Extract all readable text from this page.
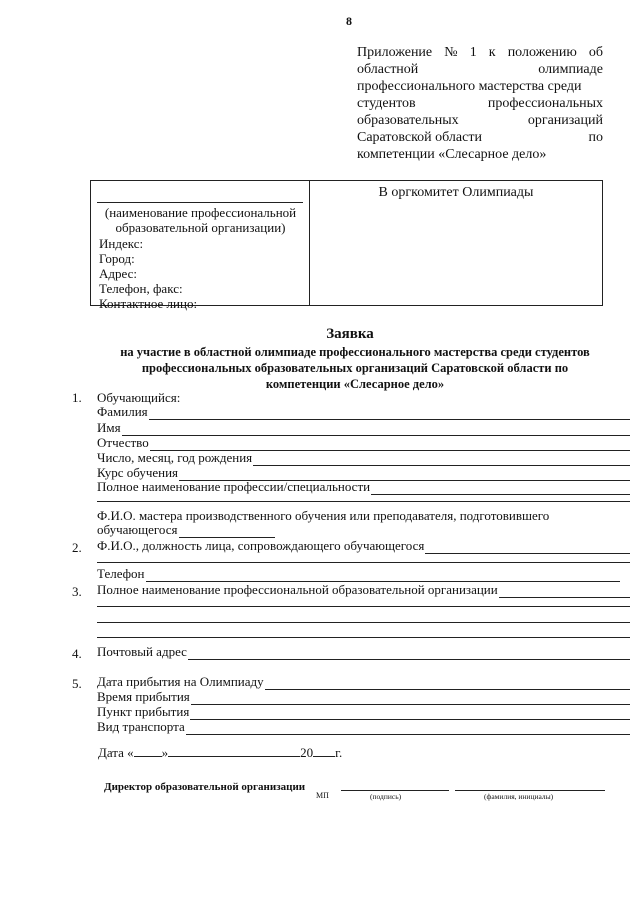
8
Приложение № 1 к положению об
областной	олимпиаде
профессионального мастерства среди
студентов	профессиональных
образовательных	организаций
Саратовской области	по
компетенции «Слесарное дело»
(наименование профессиональной
образовательной организации)
Индекс:
Город:
Адрес:
Телефон, факс:
Контактное лицо:
В оргкомитет Олимпиады
Заявка
на участие в областной олимпиаде профессионального мастерства среди студентов
профессиональных образовательных организаций Саратовской области по
компетенции «Слесарное дело»
1. Обучающийся:
Фамилия
Имя
Отчество
Число, месяц, год рождения
Курс обучения
Полное наименование профессии/специальности
Ф.И.О. мастера производственного обучения или преподавателя, подготовившего
обучающегося
2. Ф.И.О., должность лица, сопровождающего обучающегося
Телефон
3. Полное наименование профессиональной образовательной организации
4. Почтовый адрес
5. Дата прибытия на Олимпиаду
Время прибытия
Пункт прибытия
Вид транспорта
Дата « »	20 г.
Директор образовательной организации
МП	(подпись)	(фамилия, инициалы)
